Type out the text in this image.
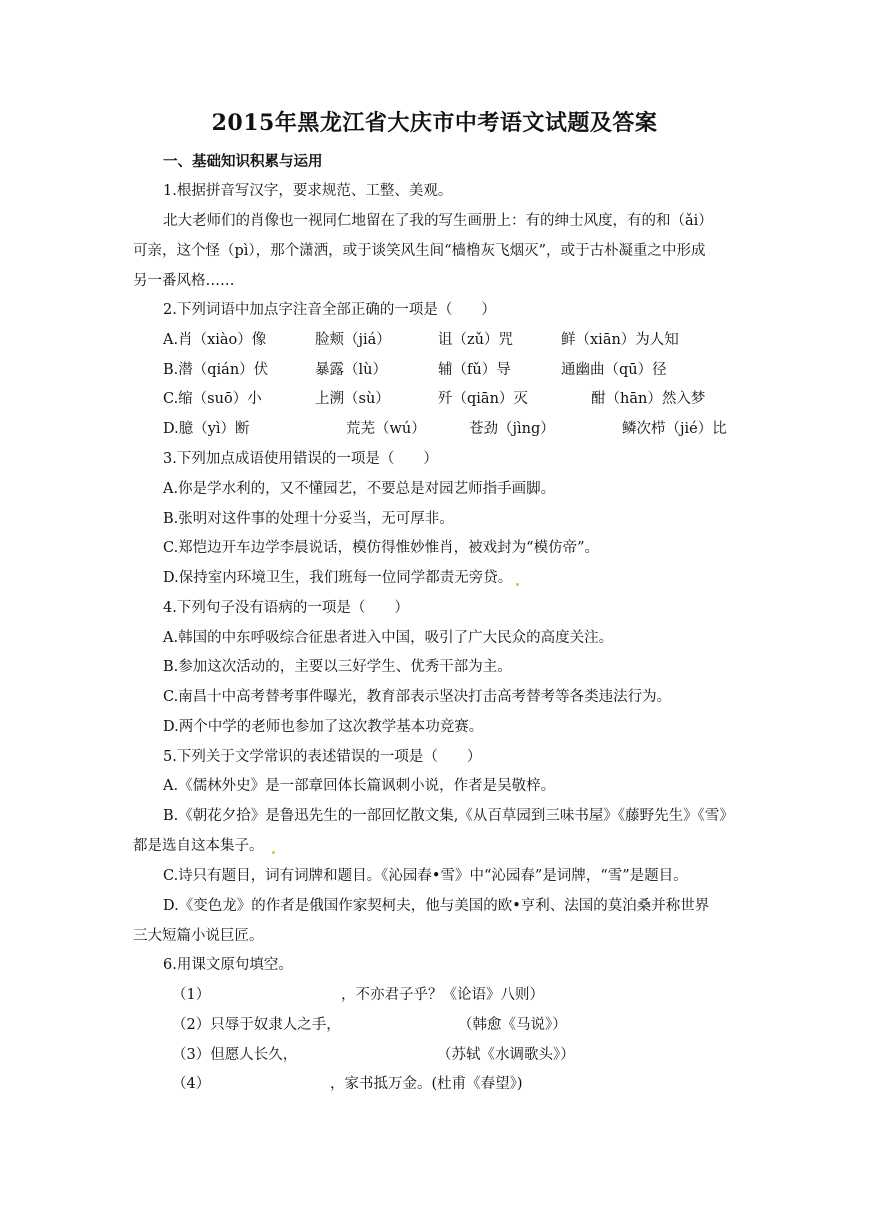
2015年黑龙江省大庆市中考语文试题及答案
一、基础知识积累与运用
1.根据拼音写汉字，要求规范、工整、美观。
北大老师们的肖像也一视同仁地留在了我的写生画册上：有的绅士风度，有的和（ǎi）
可亲，这个怪（pì），那个潇洒，或于谈笑风生间“樯橹灰飞烟灭”，或于古朴凝重之中形成
另一番风格……
2.下列词语中加点字注音全部正确的一项是（　　）
A.肖（xiào）像	脸颊（jiá）	诅（zǔ）咒	鲜（xiān）为人知
B.潜（qián）伏	暴露（lù）	辅（fǔ）导	通幽曲（qū）径
C.缩（suō）小	上溯（sù）	歼（qiān）灭	酣（hān）然入梦
D.臆（yì）断	荒芜（wú）	苍劲（jìng）	鳞次栉（jié）比
3.下列加点成语使用错误的一项是（　　）
A.你是学水利的，又不懂园艺，不要总是对园艺师指手画脚。
B.张明对这件事的处理十分妥当，无可厚非。
C.郑恺边开车边学李晨说话，模仿得惟妙惟肖，被戏封为“模仿帝”。
D.保持室内环境卫生，我们班每一位同学都责无旁贷。
4.下列句子没有语病的一项是（　　）
A.韩国的中东呼吸综合征患者进入中国，吸引了广大民众的高度关注。
B.参加这次活动的，主要以三好学生、优秀干部为主。
C.南昌十中高考替考事件曝光，教育部表示坚决打击高考替考等各类违法行为。
D.两个中学的老师也参加了这次教学基本功竞赛。
5.下列关于文学常识的表述错误的一项是（　　）
A.《儒林外史》是一部章回体长篇讽刺小说，作者是吴敬梓。
B.《朝花夕拾》是鲁迅先生的一部回忆散文集,《从百草园到三味书屋》《藤野先生》《雪》
都是选自这本集子。
C.诗只有题目，词有词牌和题目。《沁园春•雪》中“沁园春”是词牌，“雪”是题目。
D.《变色龙》的作者是俄国作家契柯夫，他与美国的欧•亨利、法国的莫泊桑并称世界
三大短篇小说巨匠。
6.用课文原句填空。
（1）	，不亦君子乎？《论语》八则）
（2）只辱于奴隶人之手，	（韩愈《马说》）
（3）但愿人长久，	（苏轼《水调歌头》）
（4）	，家书抵万金。(杜甫《春望》)
